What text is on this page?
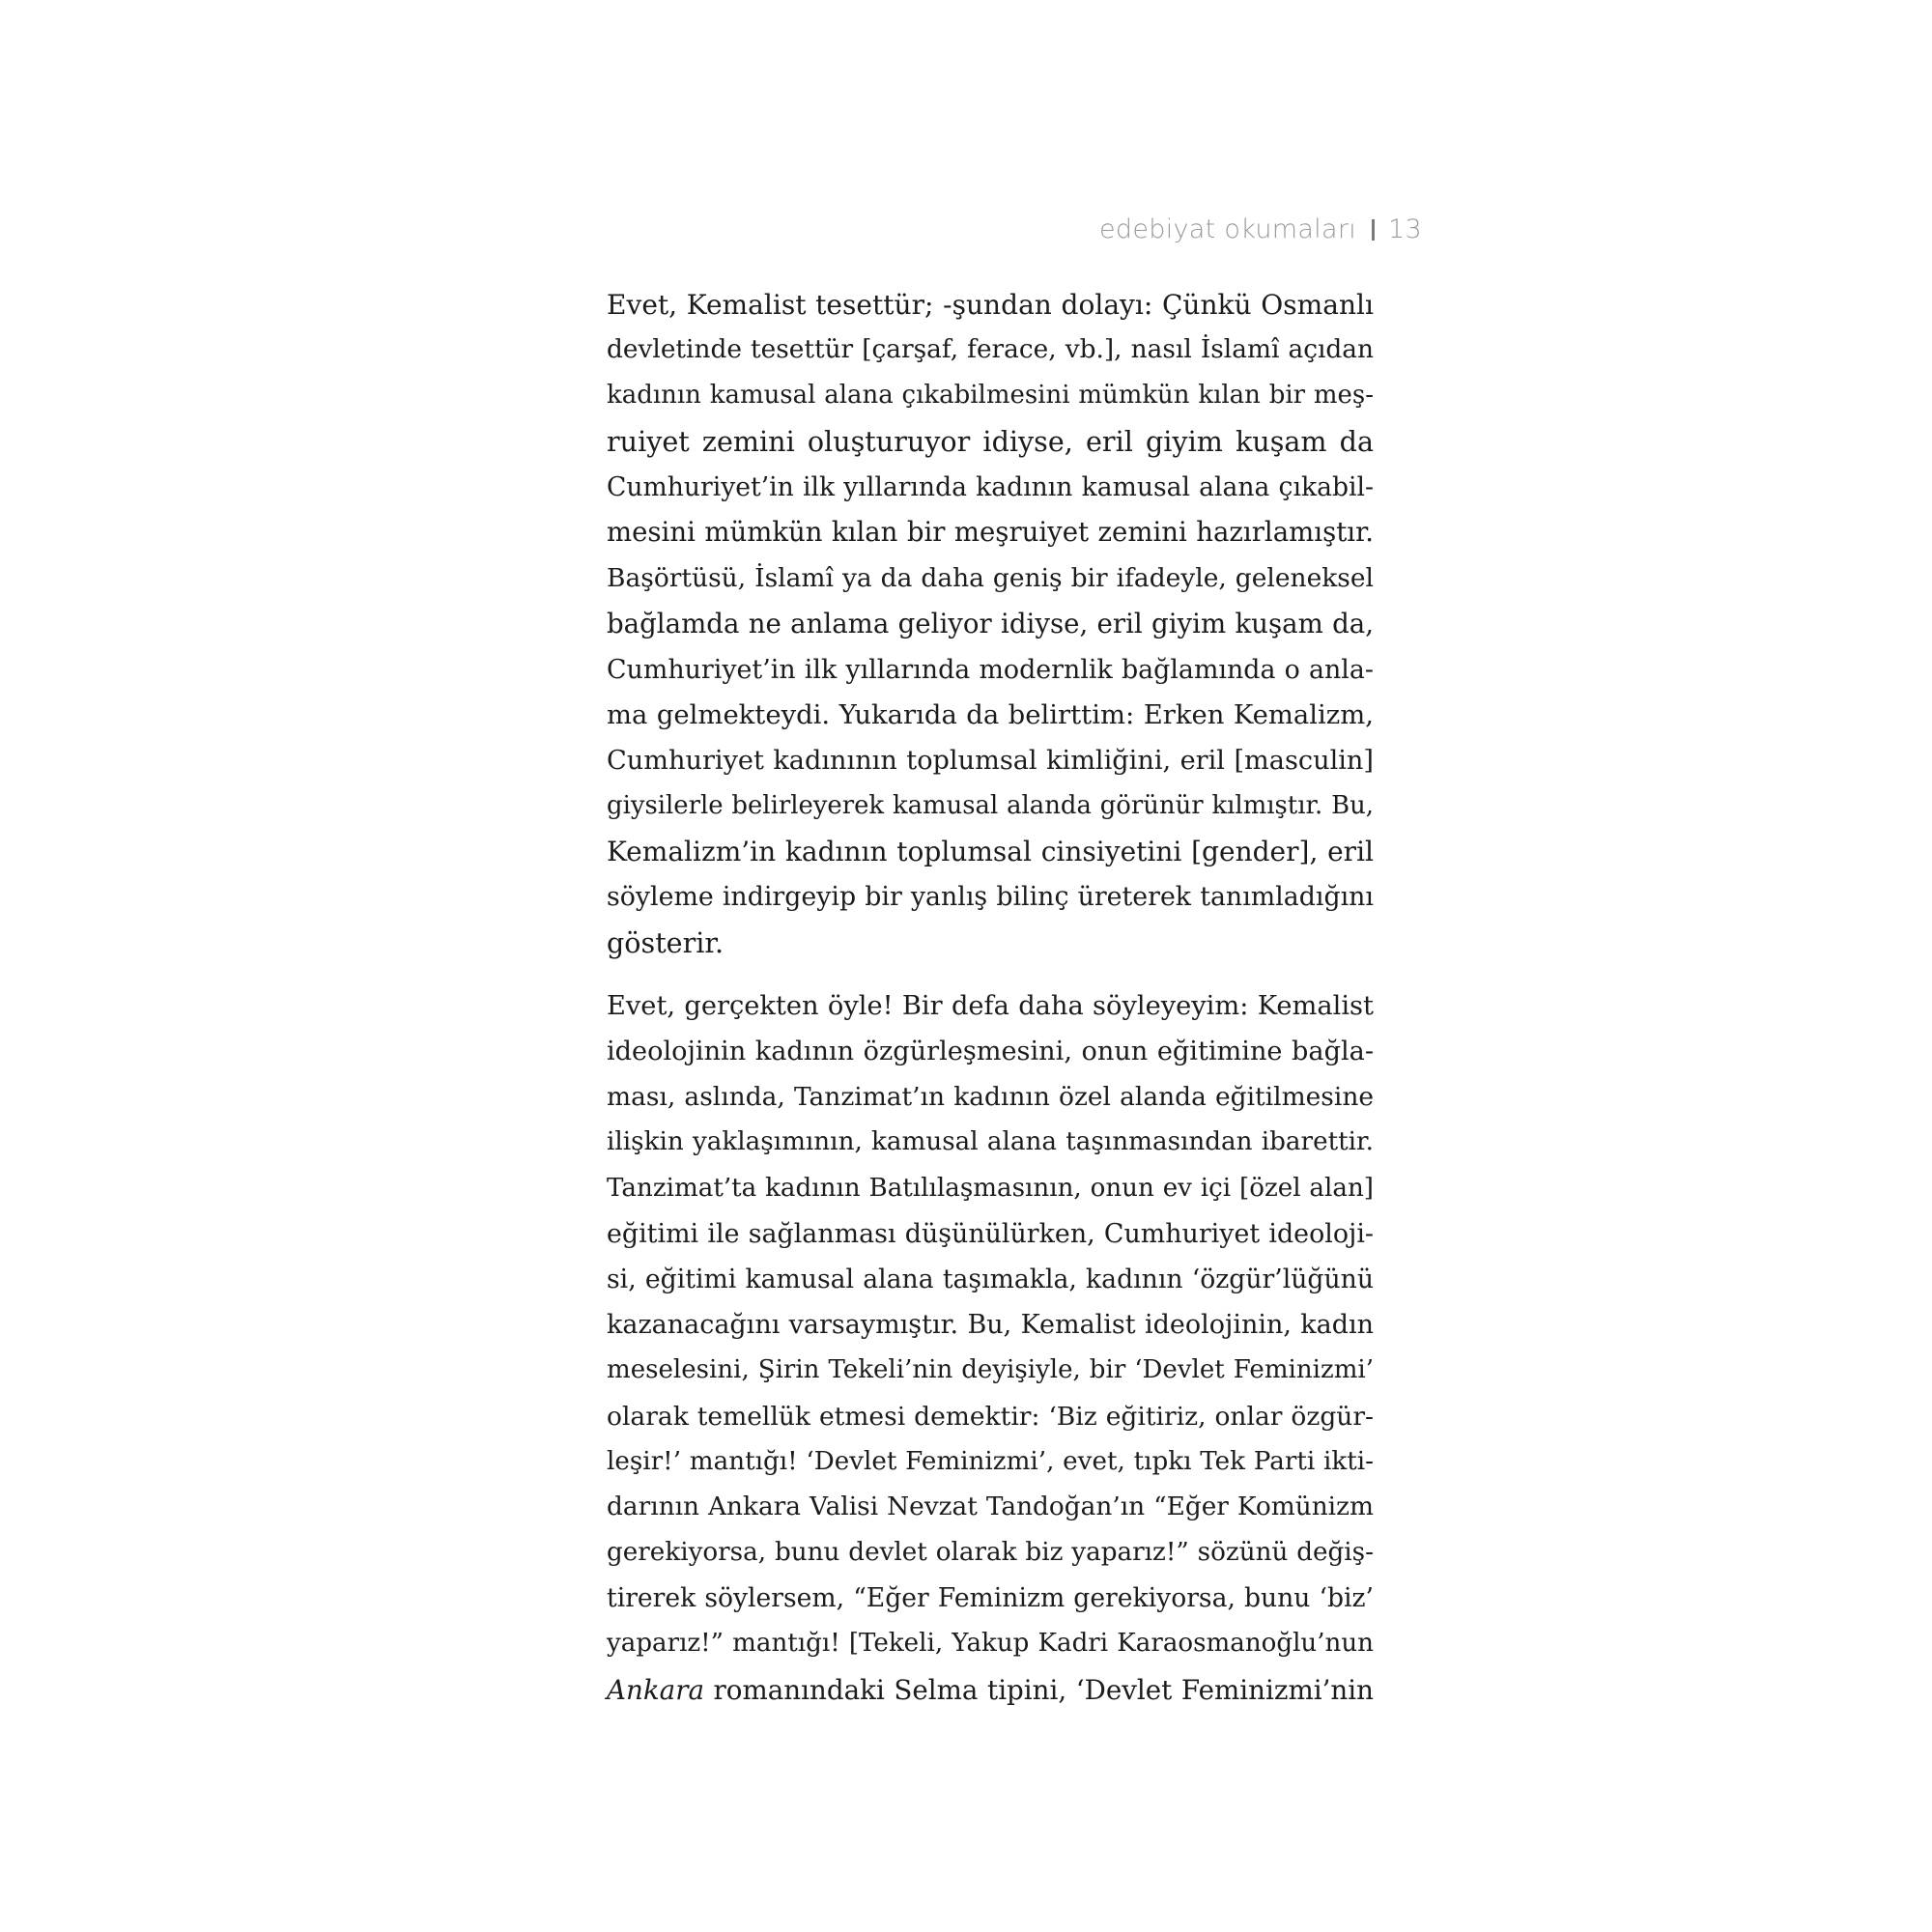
edebiyat okumaları 13
Evet, Kemalist tesettür; -şundan dolayı: Çünkü Osmanlı
devletinde tesettür [çarşaf, ferace, vb.], nasıl İslamî açıdan
kadının kamusal alana çıkabilmesini mümkün kılan bir meş-
ruiyet zemini oluşturuyor idiyse, eril giyim kuşam da
Cumhuriyet’in ilk yıllarında kadının kamusal alana çıkabil-
mesini mümkün kılan bir meşruiyet zemini hazırlamıştır.
Başörtüsü, İslamî ya da daha geniş bir ifadeyle, geleneksel
bağlamda ne anlama geliyor idiyse, eril giyim kuşam da,
Cumhuriyet’in ilk yıllarında modernlik bağlamında o anla-
ma gelmekteydi. Yukarıda da belirttim: Erken Kemalizm,
Cumhuriyet kadınının toplumsal kimliğini, eril [masculin]
giysilerle belirleyerek kamusal alanda görünür kılmıştır. Bu,
Kemalizm’in kadının toplumsal cinsiyetini [gender], eril
söyleme indirgeyip bir yanlış bilinç üreterek tanımladığını
gösterir.
Evet, gerçekten öyle! Bir defa daha söyleyeyim: Kemalist
ideolojinin kadının özgürleşmesini, onun eğitimine bağla-
ması, aslında, Tanzimat’ın kadının özel alanda eğitilmesine
ilişkin yaklaşımının, kamusal alana taşınmasından ibarettir.
Tanzimat’ta kadının Batılılaşmasının, onun ev içi [özel alan]
eğitimi ile sağlanması düşünülürken, Cumhuriyet ideoloji-
si, eğitimi kamusal alana taşımakla, kadının ‘özgür’lüğünü
kazanacağını varsaymıştır. Bu, Kemalist ideolojinin, kadın
meselesini, Şirin Tekeli’nin deyişiyle, bir ‘Devlet Feminizmi’
olarak temellük etmesi demektir: ‘Biz eğitiriz, onlar özgür-
leşir!’ mantığı! ‘Devlet Feminizmi’, evet, tıpkı Tek Parti ikti-
darının Ankara Valisi Nevzat Tandoğan’ın “Eğer Komünizm
gerekiyorsa, bunu devlet olarak biz yaparız!” sözünü değiş-
tirerek söylersem, “Eğer Feminizm gerekiyorsa, bunu ‘biz’
yaparız!” mantığı! [Tekeli, Yakup Kadri Karaosmanoğlu’nun
Ankara romanındaki Selma tipini, ‘Devlet Feminizmi’nin
